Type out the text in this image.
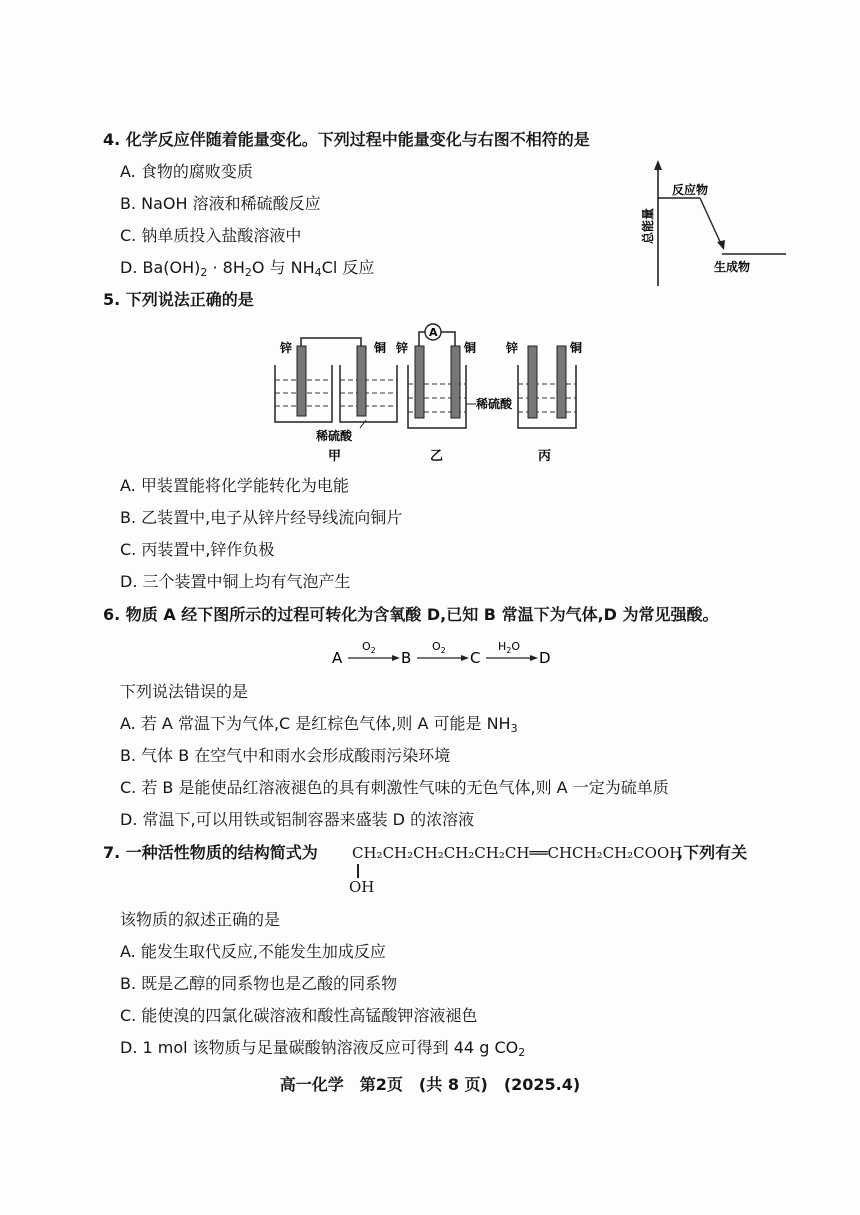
4. 化学反应伴随着能量变化。下列过程中能量变化与右图不相符的是
A. 食物的腐败变质
B. NaOH 溶液和稀硫酸反应
C. 钠单质投入盐酸溶液中
D. $Ba(OH)_2 \cdot 8H_2O$ 与 $NH_4Cl$ 反应
总能量
反应物
生成物
5. 下列说法正确的是
锌	铜
稀硫酸
甲
A
锌	铜
稀硫酸
乙
锌	铜
丙
A. 甲装置能将化学能转化为电能
B. 乙装置中,电子从锌片经导线流向铜片
C. 丙装置中,锌作负极
D. 三个装置中铜上均有气泡产生
6. 物质 A 经下图所示的过程可转化为含氧酸 D,已知 B 常温下为气体,D 为常见强酸。
A
$O_2$ B
$O_2$ C
$H_2O$
D
下列说法错误的是
A. 若 A 常温下为气体,C 是红棕色气体,则 A 可能是 $NH_3$
B. 气体 B 在空气中和雨水会形成酸雨污染环境
C. 若 B 是能使品红溶液褪色的具有刺激性气味的无色气体,则 A 一定为硫单质
D. 常温下,可以用铁或铝制容器来盛装 D 的浓溶液
7. 一种活性物质的结构简式为 CH₂CH₂CH₂CH₂CH₂CH══CHCH₂CH₂COOH
OH
,下列有关
该物质的叙述正确的是
A. 能发生取代反应,不能发生加成反应
B. 既是乙醇的同系物也是乙酸的同系物
C. 能使溴的四氯化碳溶液和酸性高锰酸钾溶液褪色
D. 1 mol 该物质与足量碳酸钠溶液反应可得到 44 g $CO_2$
高一化学　第2页　(共 8 页)　(2025.4)
